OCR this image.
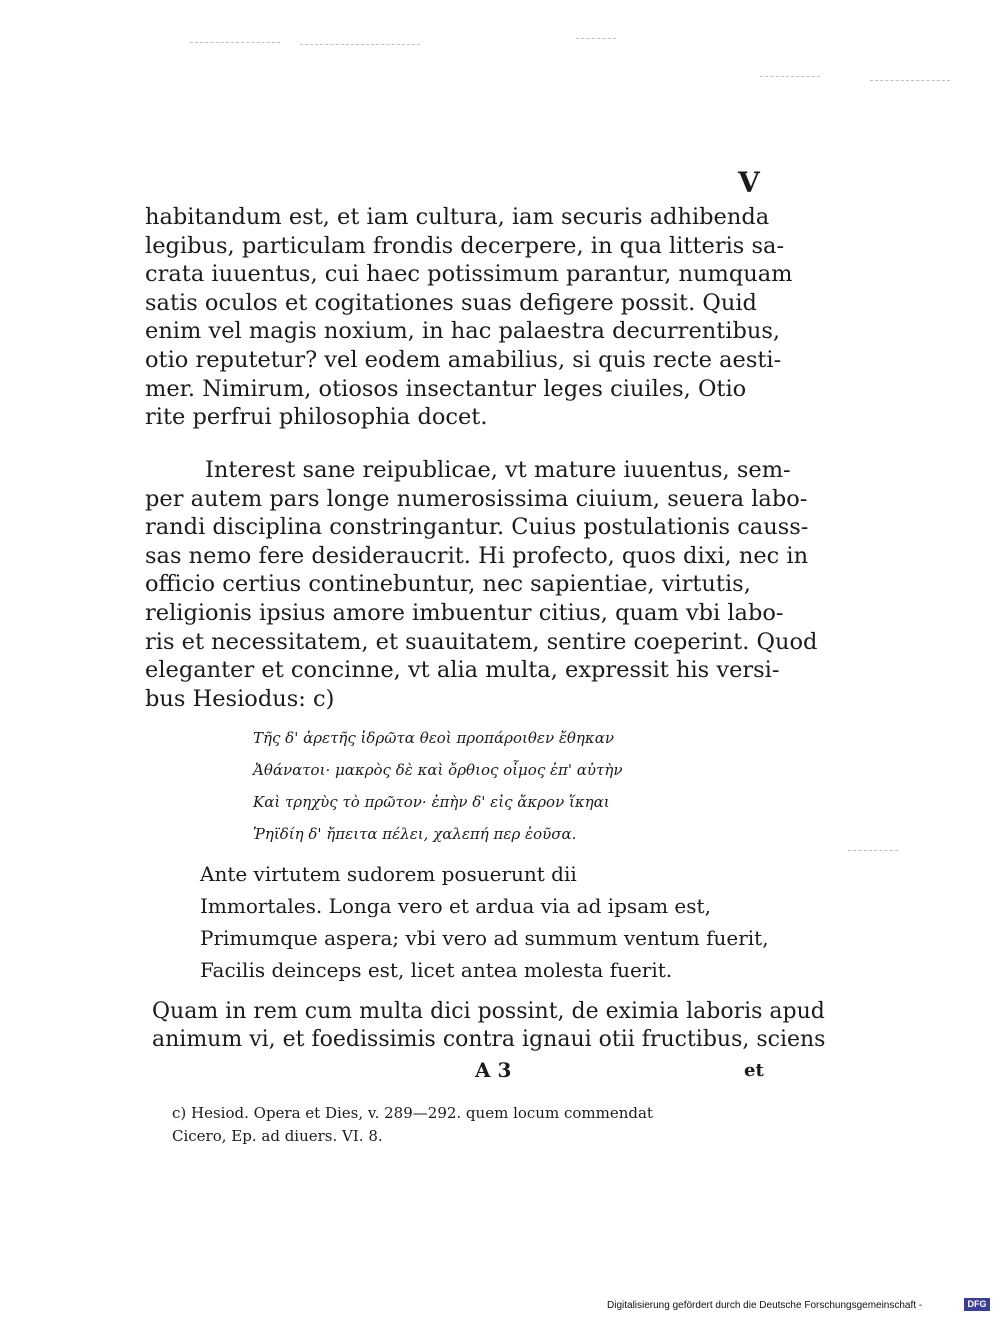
V
habitandum est, et iam cultura, iam securis adhibenda
legibus, particulam frondis decerpere, in qua litteris sa-
crata iuuentus, cui haec potissimum parantur, numquam
satis oculos et cogitationes suas defigere possit. Quid
enim vel magis noxium, in hac palaestra decurrentibus,
otio reputetur? vel eodem amabilius, si quis recte aesti-
mer. Nimirum, otiosos insectantur leges ciuiles, Otio
rite perfrui philosophia docet.
Interest sane reipublicae, vt mature iuuentus, sem-
per autem pars longe numerosissima ciuium, seuera labo-
randi disciplina constringantur. Cuius postulationis causs-
sas nemo fere desideraucrit. Hi profecto, quos dixi, nec in
officio certius continebuntur, nec sapientiae, virtutis,
religionis ipsius amore imbuentur citius, quam vbi labo-
ris et necessitatem, et suauitatem, sentire coeperint. Quod
eleganter et concinne, vt alia multa, expressit his versi-
bus Hesiodus: c)
Τῆς δ' ἀρετῆς ἱδρῶτα θεοὶ προπάροιθεν ἔθηκαν
Ἀθάνατοι· μακρὸς δὲ καὶ ὄρθιος οἶμος ἐπ' αὐτὴν
Καὶ τρηχὺς τὸ πρῶτον· ἐπὴν δ' εἰς ἄκρον ἵκηαι
Ῥηϊδίη δ' ἤπειτα πέλει, χαλεπή περ ἐοῦσα.
Ante virtutem sudorem posuerunt dii
Immortales. Longa vero et ardua via ad ipsam est,
Primumque aspera; vbi vero ad summum ventum fuerit,
Facilis deinceps est, licet antea molesta fuerit.
Quam in rem cum multa dici possint, de eximia laboris apud
animum vi, et foedissimis contra ignaui otii fructibus, sciens
A 3	et
c) Hesiod. Opera et Dies, v. 289—292. quem locum commendat
Cicero, Ep. ad diuers. VI. 8.
Digitalisierung gefördert durch die Deutsche Forschungsgemeinschaft -	DFG
